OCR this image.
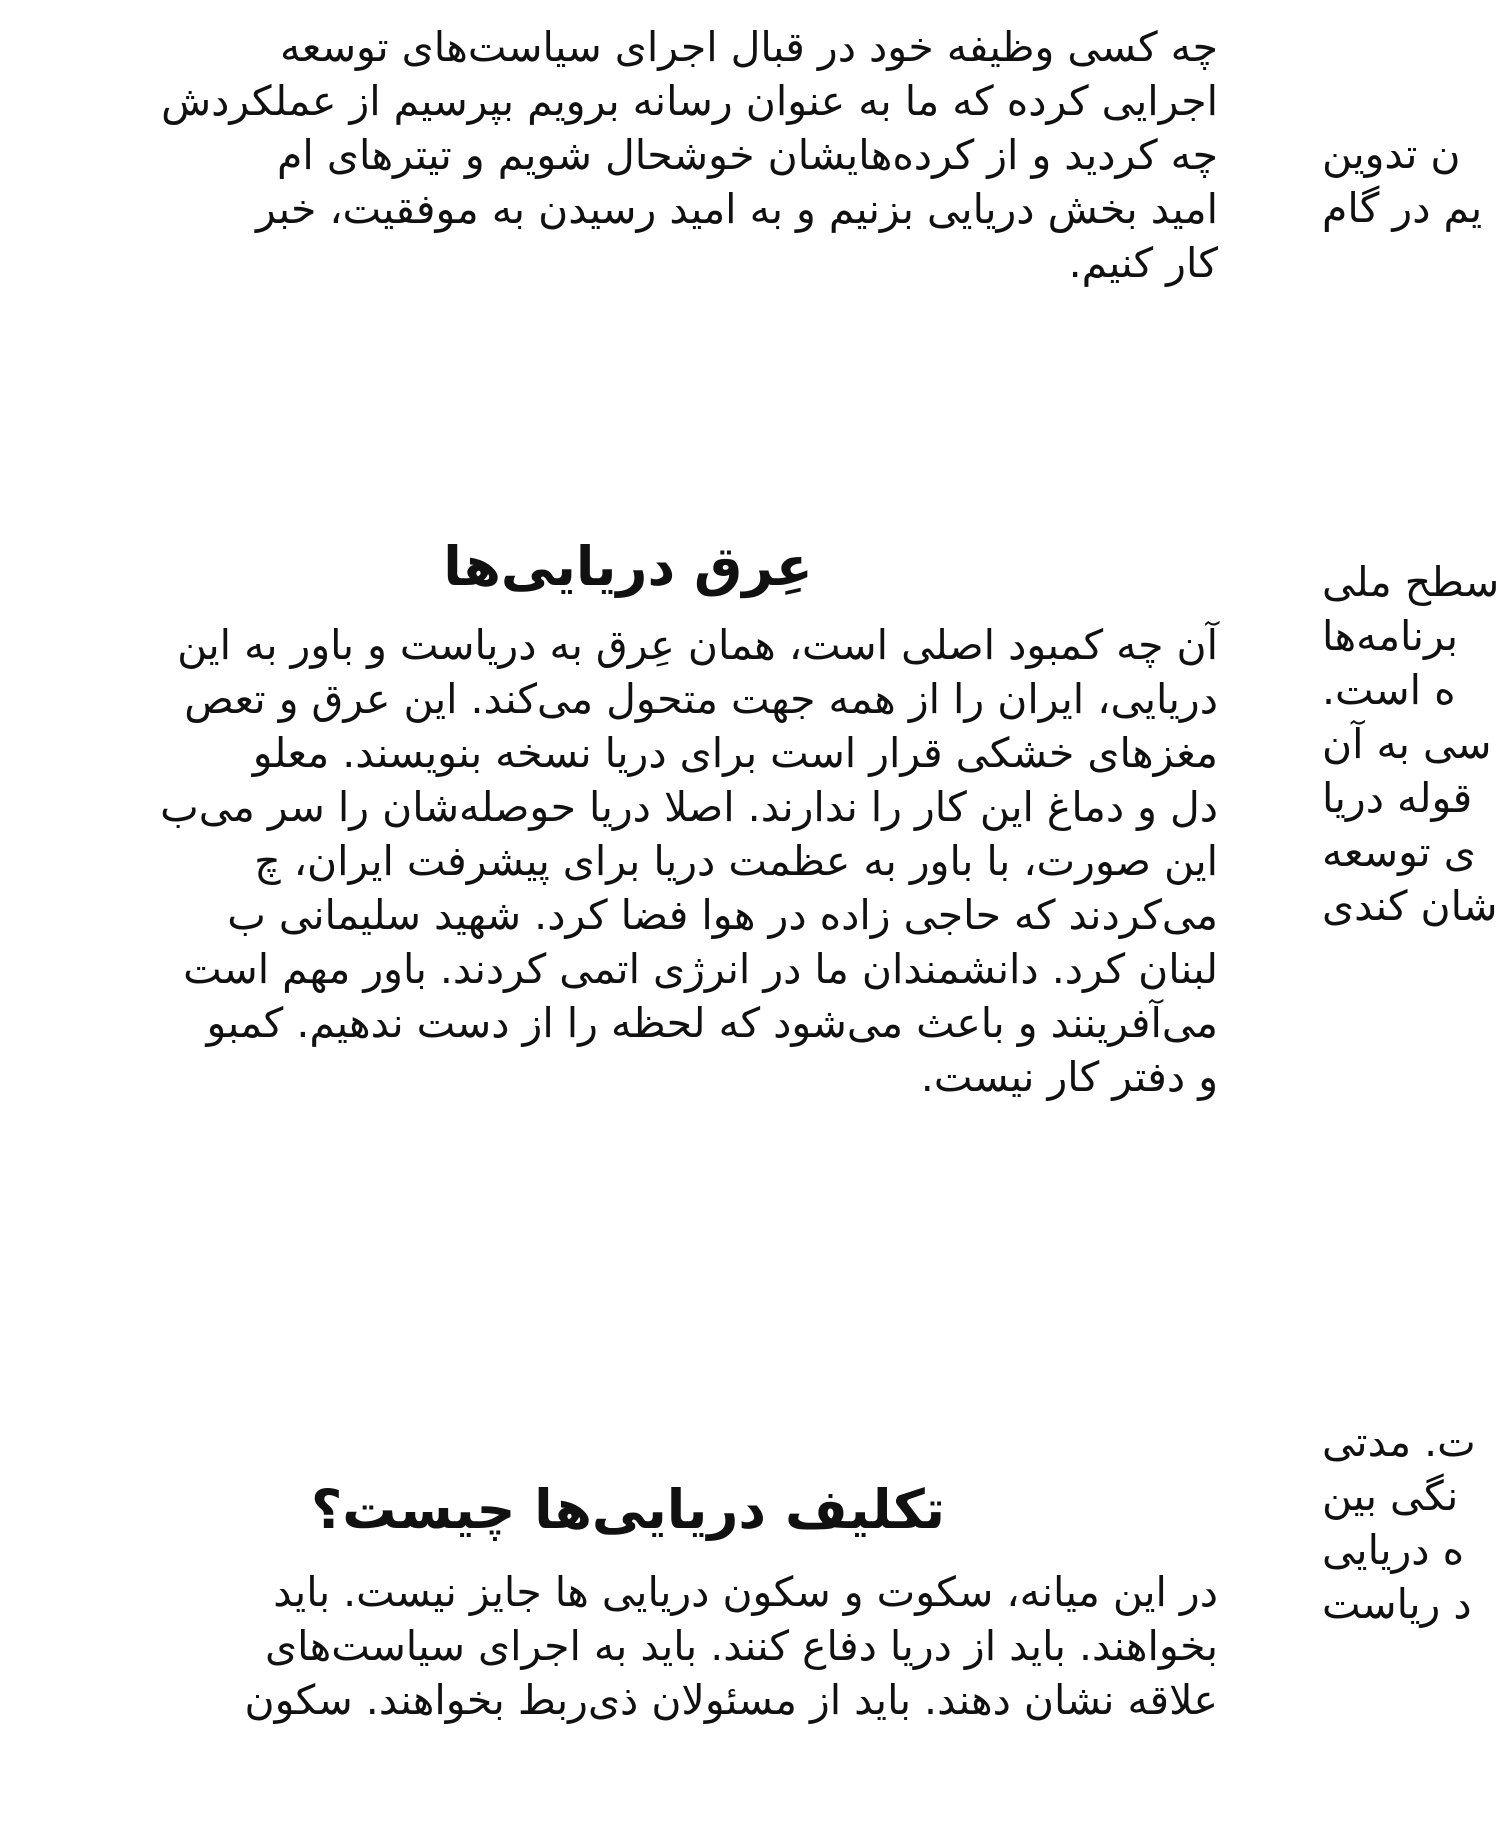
چه کسی وظیفه خود در قبال اجرای سیاست‌های توسعه
اجرایی کرده که ما به عنوان رسانه برویم بپرسیم از عملکردش
چه کردید و از کرده‌هایشان خوشحال شویم و تیترهای ام
امید بخش دریایی بزنیم و به امید رسیدن به موفقیت، خبر
کار کنیم.
عِرق دریایی‌ها
آن چه کمبود اصلی است، همان عِرق به دریاست و باور به این
دریایی، ایران را از همه جهت متحول می‌کند. این عرق و تعص
مغزهای خشکی قرار است برای دریا نسخه بنویسند. معلو
دل و دماغ این کار را ندارند. اصلا دریا حوصله‌شان را سر می‌ب
این صورت، با باور به عظمت دریا برای پیشرفت ایران، چ
می‌کردند که حاجی زاده در هوا فضا کرد. شهید سلیمانی ب
لبنان کرد. دانشمندان ما در انرژی اتمی کردند. باور مهم است
می‌آفرینند و باعث می‌شود که لحظه را از دست ندهیم. کمبو
و دفتر کار نیست.
تکلیف دریایی‌ها چیست؟
در این میانه، سکوت و سکون دریایی ها جایز نیست. باید
بخواهند. باید از دریا دفاع کنند. باید به اجرای سیاست‌های
علاقه نشان دهند. باید از مسئولان ذی‌ربط بخواهند. سکون
ن تدوین
یم در گام
سطح ملی
برنامه‌ها
ه است.
سی به آن
قوله دریا
ی توسعه
شان کندی
ت. مدتی
نگی بین
ه دریایی
د ریاست
